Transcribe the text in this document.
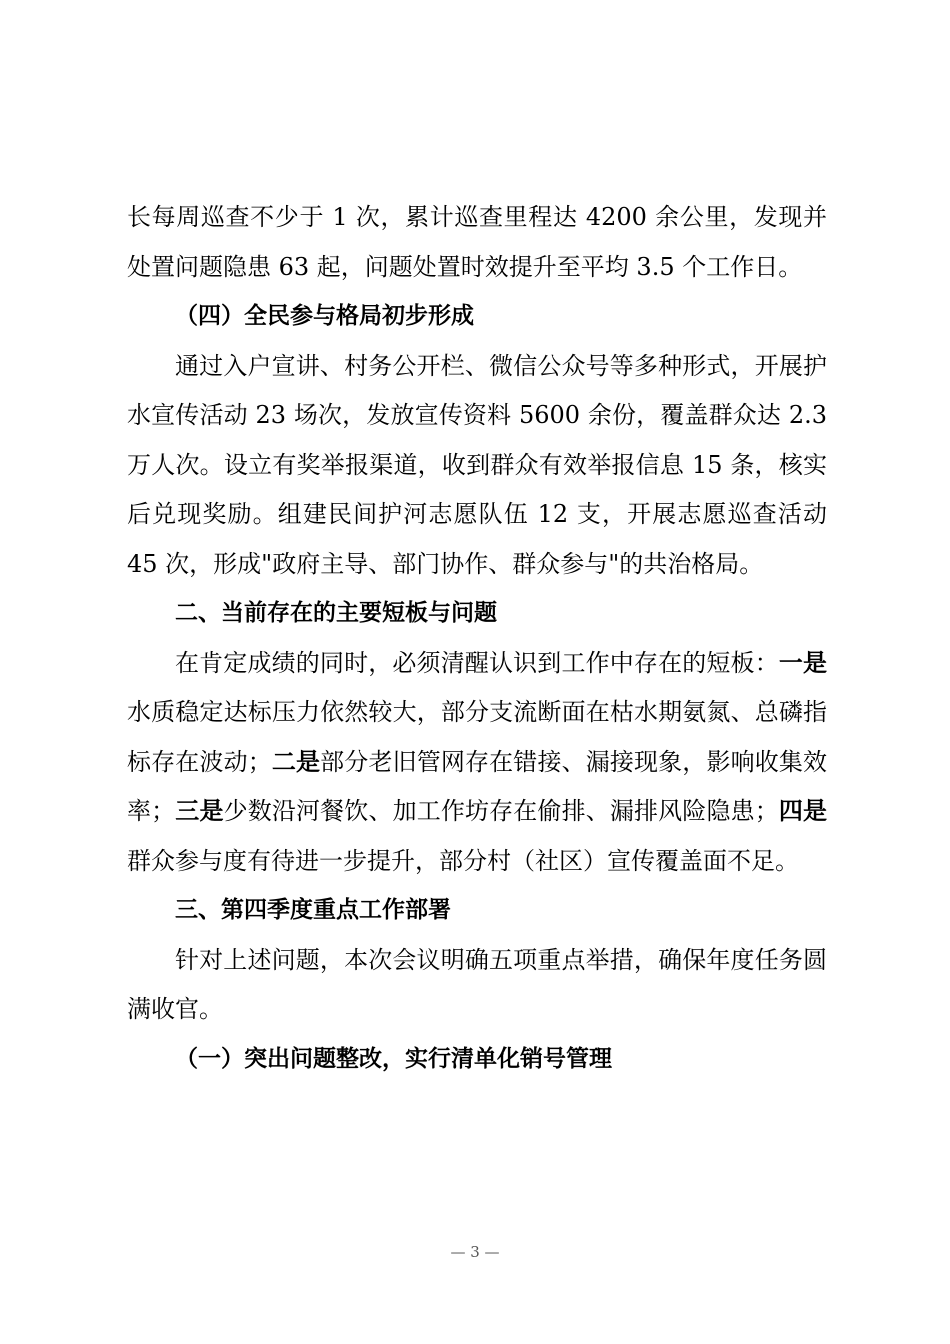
长每周巡查不少于 1 次，累计巡查里程达 4200 余公里，发现并处置问题隐患 63 起，问题处置时效提升至平均 3.5 个工作日。

（四）全民参与格局初步形成

通过入户宣讲、村务公开栏、微信公众号等多种形式，开展护水宣传活动 23 场次，发放宣传资料 5600 余份，覆盖群众达 2.3 万人次。设立有奖举报渠道，收到群众有效举报信息 15 条，核实后兑现奖励。组建民间护河志愿队伍 12 支，开展志愿巡查活动 45 次，形成"政府主导、部门协作、群众参与"的共治格局。

二、当前存在的主要短板与问题

在肯定成绩的同时，必须清醒认识到工作中存在的短板：一是水质稳定达标压力依然较大，部分支流断面在枯水期氨氮、总磷指标存在波动；二是部分老旧管网存在错接、漏接现象，影响收集效率；三是少数沿河餐饮、加工作坊存在偷排、漏排风险隐患；四是群众参与度有待进一步提升，部分村（社区）宣传覆盖面不足。

三、第四季度重点工作部署

针对上述问题，本次会议明确五项重点举措，确保年度任务圆满收官。

（一）突出问题整改，实行清单化销号管理

— 3 —
